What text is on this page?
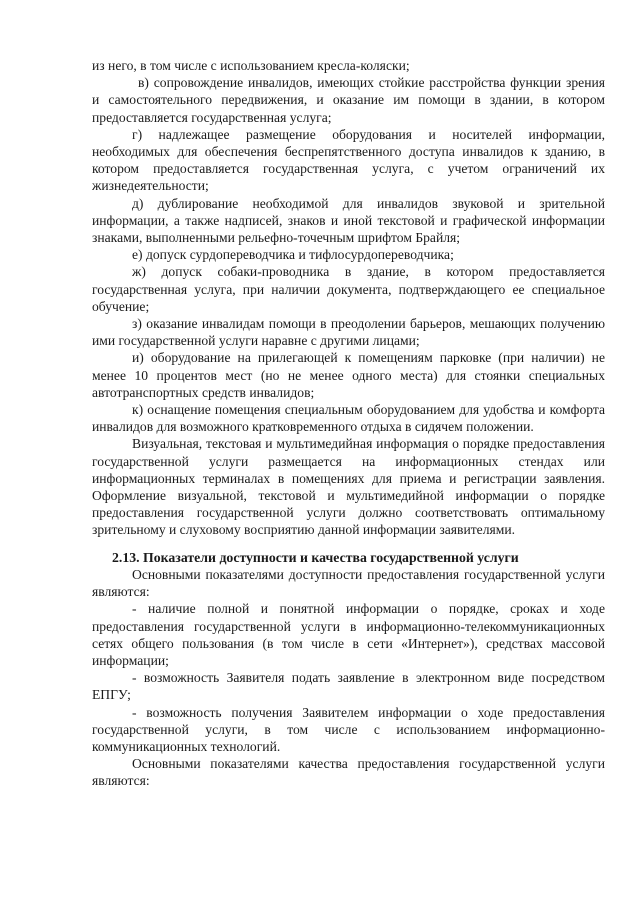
из него, в том числе с использованием кресла-коляски;

в) сопровождение инвалидов, имеющих стойкие расстройства функции зрения и самостоятельного передвижения, и оказание им помощи в здании, в котором предоставляется государственная услуга;

г) надлежащее размещение оборудования и носителей информации, необходимых для обеспечения беспрепятственного доступа инвалидов к зданию, в котором предоставляется государственная услуга, с учетом ограничений их жизнедеятельности;

д) дублирование необходимой для инвалидов звуковой и зрительной информации, а также надписей, знаков и иной текстовой и графической информации знаками, выполненными рельефно-точечным шрифтом Брайля;

е) допуск сурдопереводчика и тифлосурдопереводчика;

ж) допуск собаки-проводника в здание, в котором предоставляется государственная услуга, при наличии документа, подтверждающего ее специальное обучение;

з) оказание инвалидам помощи в преодолении барьеров, мешающих получению ими государственной услуги наравне с другими лицами;

и) оборудование на прилегающей к помещениям парковке (при наличии) не менее 10 процентов мест (но не менее одного места) для стоянки специальных автотранспортных средств инвалидов;

к) оснащение помещения специальным оборудованием для удобства и комфорта инвалидов для возможного кратковременного отдыха в сидячем положении.

Визуальная, текстовая и мультимедийная информация о порядке предоставления государственной услуги размещается на информационных стендах или информационных терминалах в помещениях для приема и регистрации заявления. Оформление визуальной, текстовой и мультимедийной информации о порядке предоставления государственной услуги должно соответствовать оптимальному зрительному и слуховому восприятию данной информации заявителями.

2.13. Показатели доступности и качества государственной услуги

Основными показателями доступности предоставления государственной услуги являются:

- наличие полной и понятной информации о порядке, сроках и ходе предоставления государственной услуги в информационно-телекоммуникационных сетях общего пользования (в том числе в сети «Интернет»), средствах массовой информации;

- возможность Заявителя подать заявление в электронном виде посредством ЕПГУ;

- возможность получения Заявителем информации о ходе предоставления государственной услуги, в том числе с использованием информационно-коммуникационных технологий.

Основными показателями качества предоставления государственной услуги являются:
